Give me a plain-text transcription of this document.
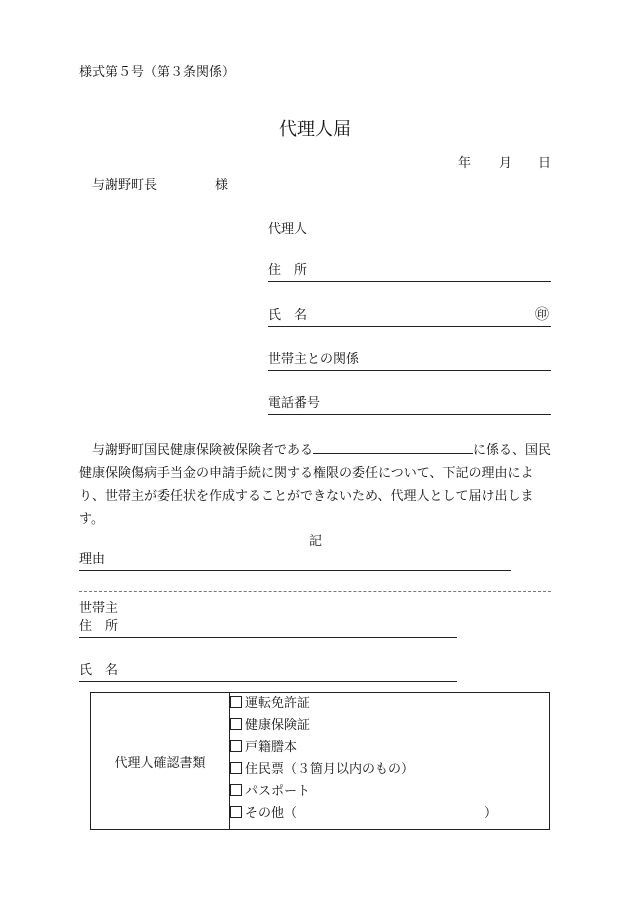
様式第５号（第３条関係）
代理人届
年 月 日
与謝野町長	様
代理人
住　所
氏　名	㊞
世帯主との関係
電話番号

　与謝野町国民健康保険被保険者である	に係る、国民健康保険傷病手当金の申請手続に関する権限の委任について、下記の理由により、世帯主が委任状を作成することができないため、代理人として届け出します。

記
理由
世帯主
住　所
氏　名
代理人確認書類	
運転免許証
健康保険証
戸籍謄本
住民票（３箇月以内のもの）
パスポート
その他（	）
